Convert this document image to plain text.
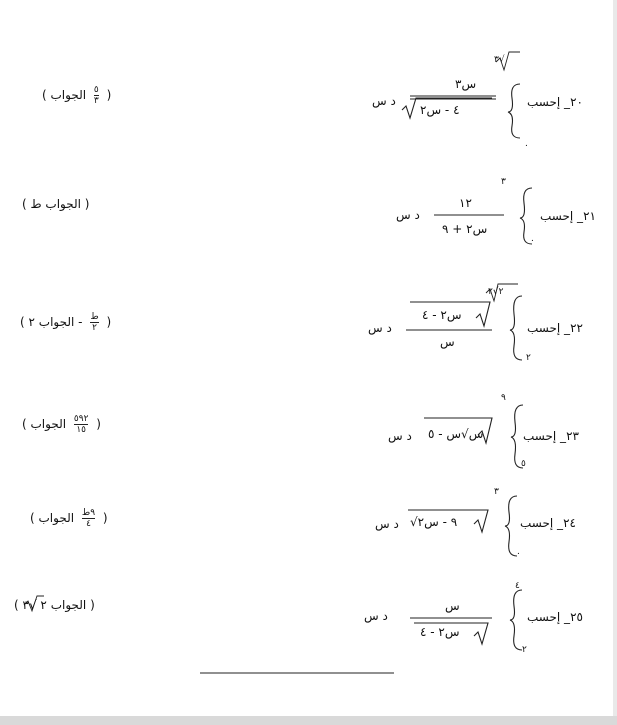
٢٠_ إحسب
٣√
٠
س٣
٤ - س٢
د س
( الجواب ٥
٣ )
٢١_ إحسب
٣
٠
١٢
س٢ + ٩
د س
( الجواب ط )
٢٢_ إحسب
٢√٢
٢
س٢ - ٤
س
د س
( الجواب ٢ - ط
٢ )
٢٣_ إحسب
٩
٥
س√س - ٥
د س
( الجواب ٥٩٢
١٥ )
٢٤_ إحسب
٣
٠
√٩ - س٢
د س
( الجواب ٩ط
٤	)
٢٥_ إحسب
٤
٢
س
س٢ - ٤
د س
( الجواب ٢ √٣ )
